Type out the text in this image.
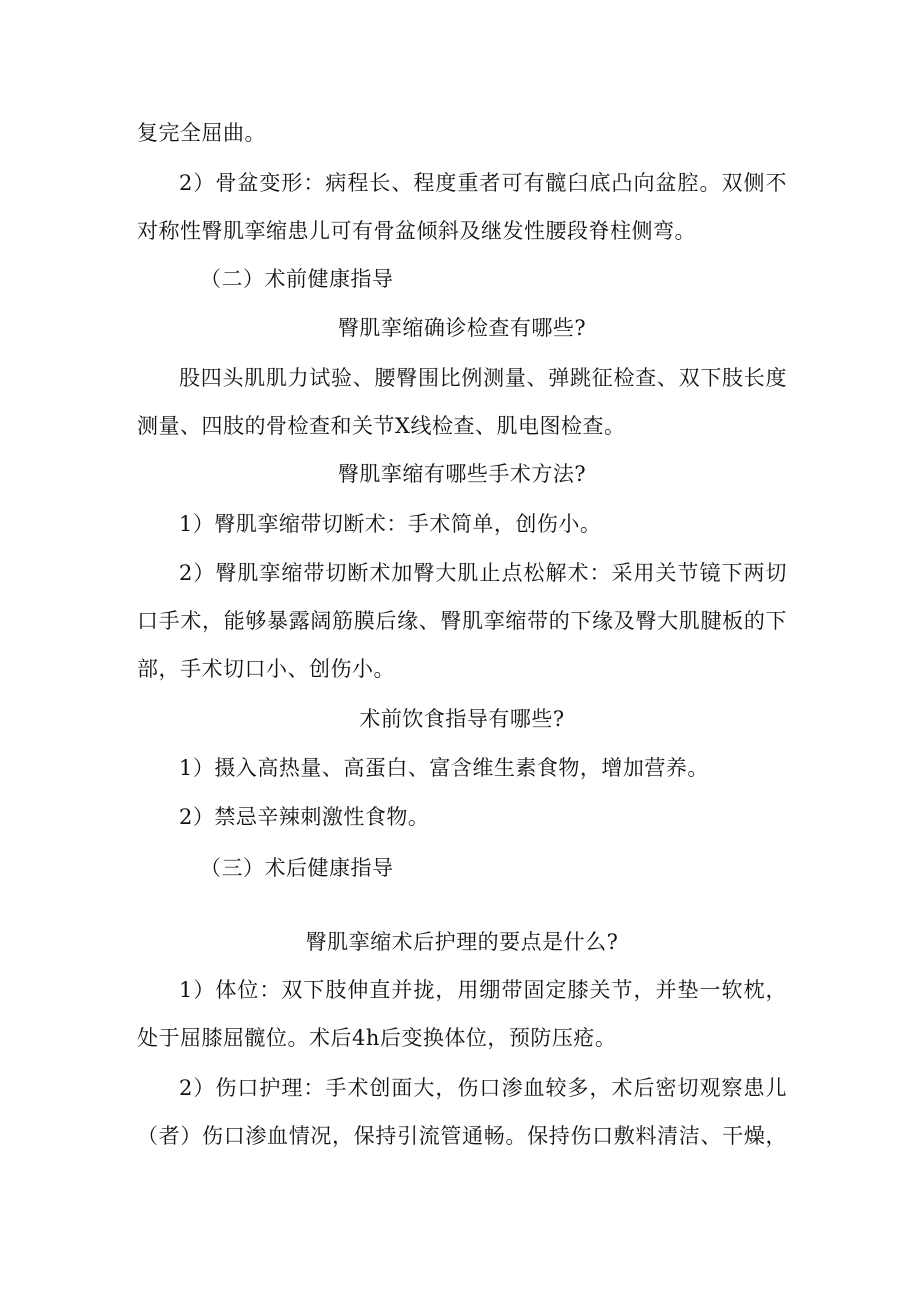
复完全屈曲。
2）骨盆变形：病程长、程度重者可有髋臼底凸向盆腔。双侧不
对称性臀肌挛缩患儿可有骨盆倾斜及继发性腰段脊柱侧弯。
（二）术前健康指导
臀肌挛缩确诊检查有哪些?
股四头肌肌力试验、腰臀围比例测量、弹跳征检查、双下肢长度
测量、四肢的骨检查和关节X线检查、肌电图检查。
臀肌挛缩有哪些手术方法?
1）臀肌挛缩带切断术：手术简单，创伤小。
2）臀肌挛缩带切断术加臀大肌止点松解术：采用关节镜下两切
口手术，能够暴露阔筋膜后缘、臀肌挛缩带的下缘及臀大肌腱板的下
部，手术切口小、创伤小。
术前饮食指导有哪些?
1）摄入高热量、高蛋白、富含维生素食物，增加营养。
2）禁忌辛辣刺激性食物。
（三）术后健康指导
臀肌挛缩术后护理的要点是什么?
1）体位：双下肢伸直并拢，用绷带固定膝关节，并垫一软枕，
处于屈膝屈髋位。术后4h后变换体位，预防压疮。
2）伤口护理：手术创面大，伤口渗血较多，术后密切观察患儿
（者）伤口渗血情况，保持引流管通畅。保持伤口敷料清洁、干燥，
